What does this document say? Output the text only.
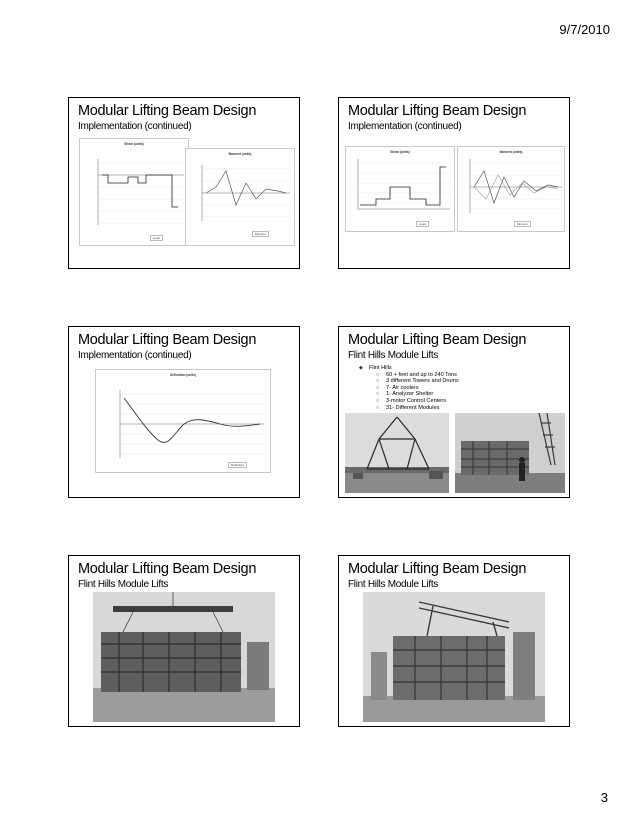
9/7/2010
Modular Lifting Beam Design
Implementation (continued)
Shear (units)
Load
Moment (units)
Moment
Modular Lifting Beam Design
Implementation (continued)
Shear (units)
Load
Moment (units)
Moment
Modular Lifting Beam Design
Implementation (continued)
Deflection (units)
Deflection
Modular Lifting Beam Design
Flint Hills Module Lifts
◆ Flint Hills
○ 60 + feet and up to 240 Tons
○ 3 different Towers and Drums
○ 7- Air coolers
○ 1- Analyzer Shelter
○ 3-motor Control Centers
○ 31- Different Modules
Modular Lifting Beam Design
Flint Hills Module Lifts
Modular Lifting Beam Design
Flint Hills Module Lifts
3
